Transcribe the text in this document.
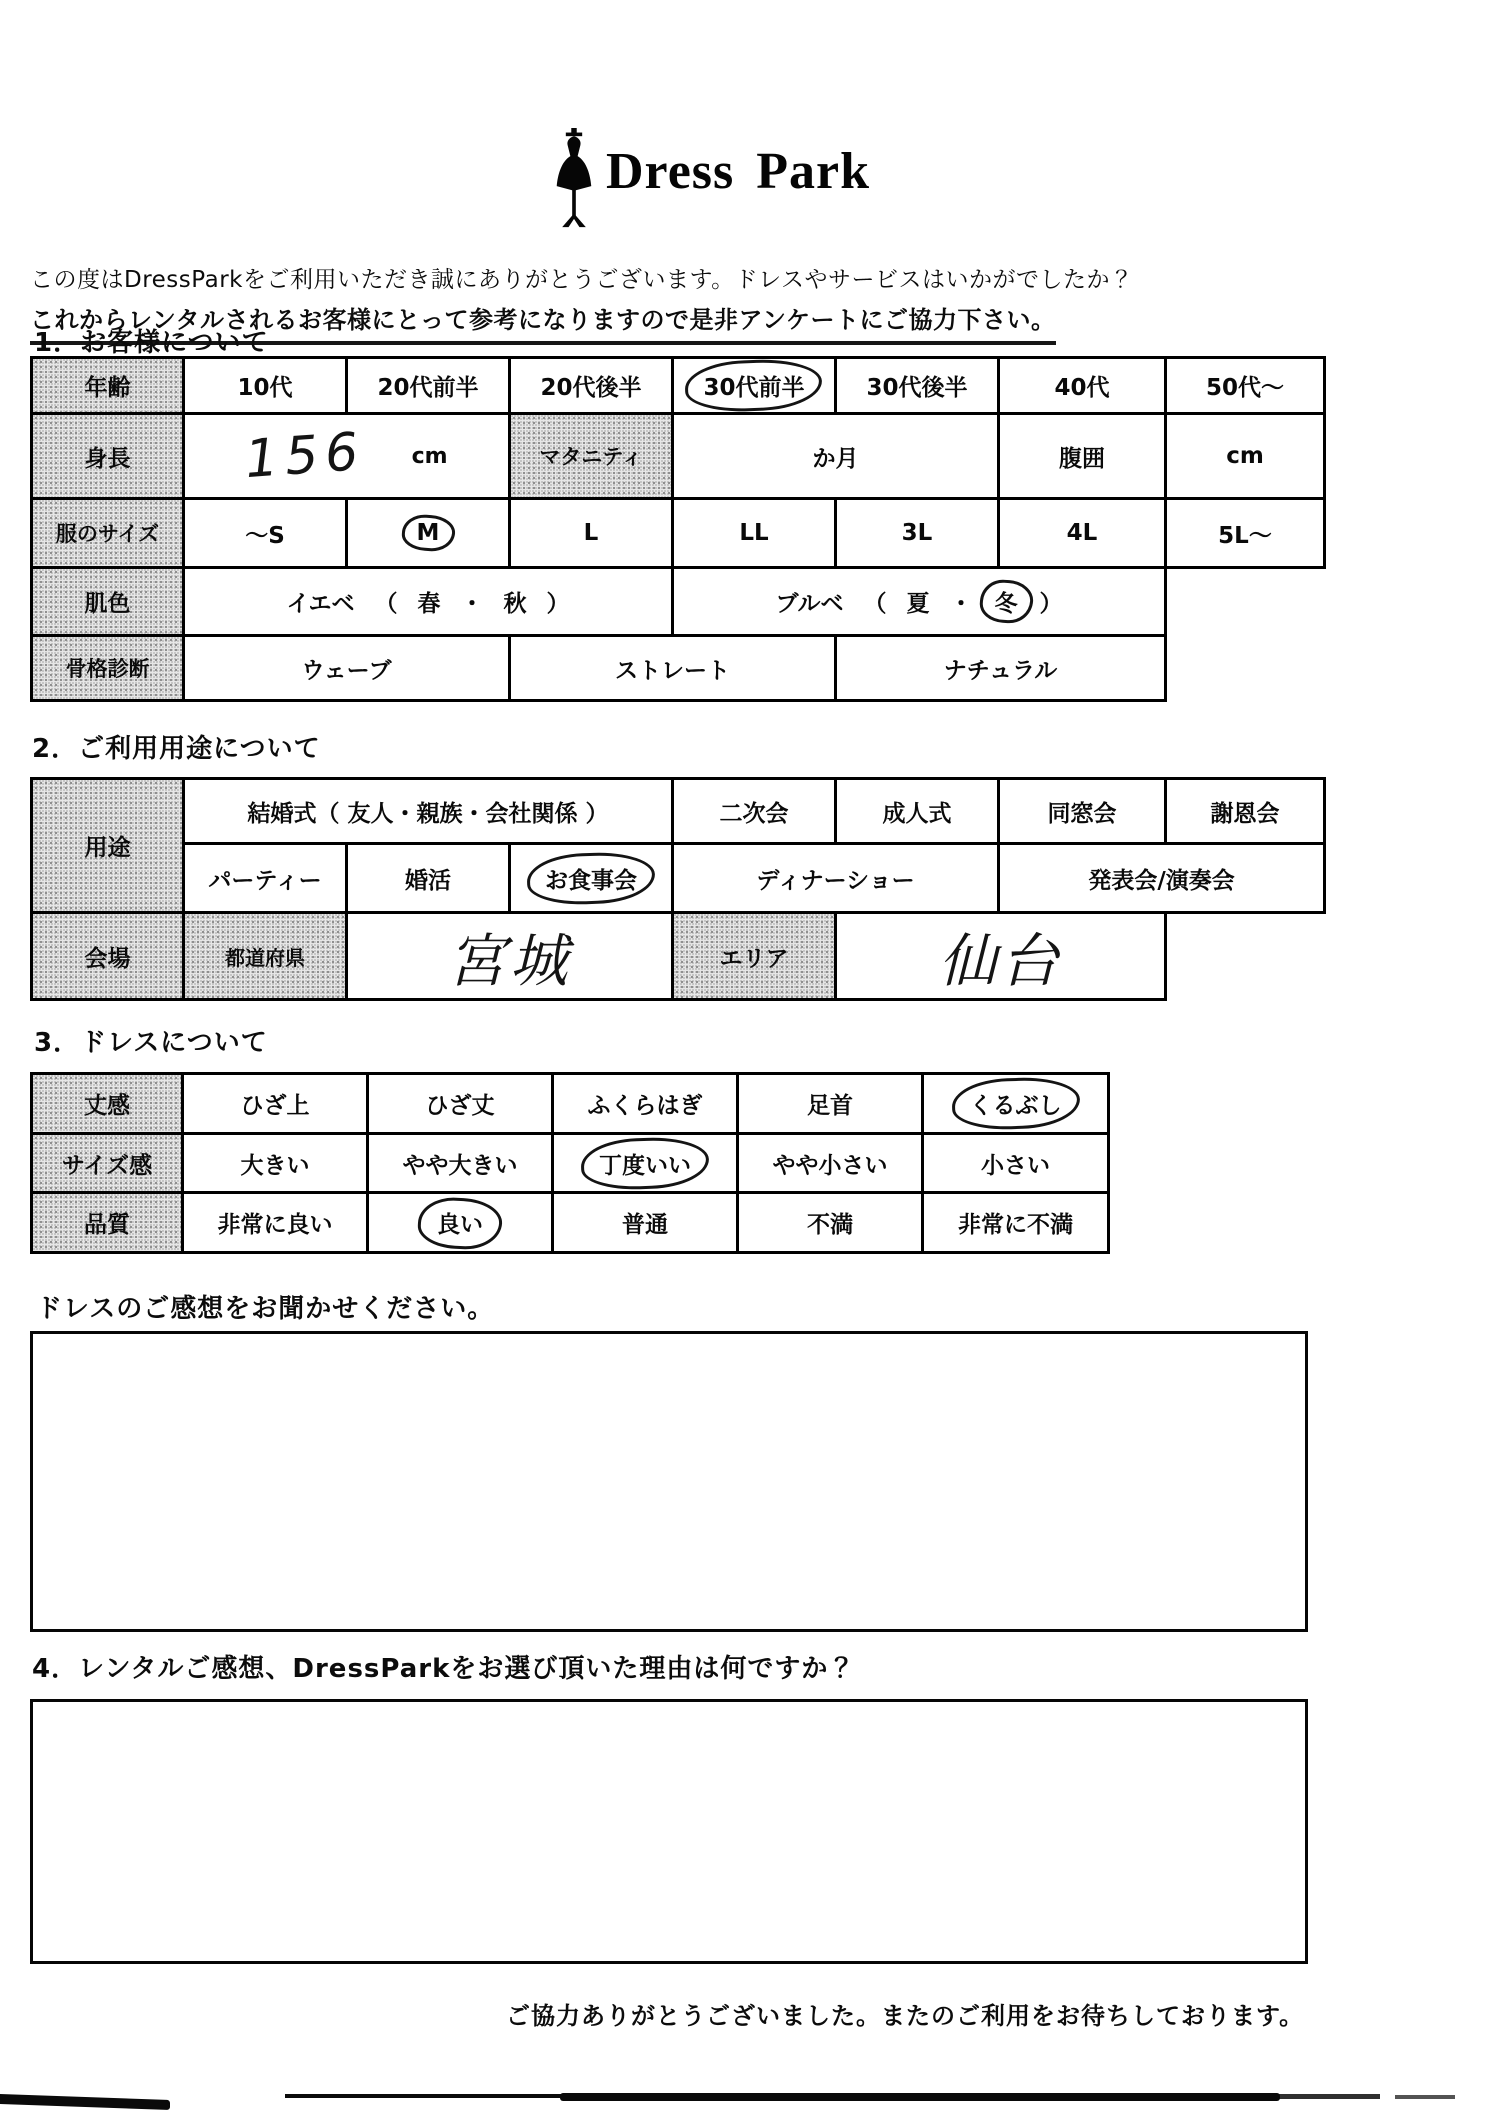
Dress Park

この度はDressParkをご利用いただき誠にありがとうございます。ドレスやサービスはいかがでしたか？

これからレンタルされるお客様にとって参考になりますので是非アンケートにご協力下さい。

1．お客様について
年齢	10代	20代前半	20代後半	30代前半	30代後半	40代	50代～
身長	156 cm		マタニティ	か月		腹囲	cm
服のサイズ	～S	M	L	LL	3L	4L	5L～
肌色	イエベ （ 春 ・ 秋 ）	ブルベ （ 夏 ・ 冬 ）

骨格診断	ウェーブ		ストレート		ナチュラル		
2．ご利用用途について
用途	結婚式（ 友人・親族・会社関係 ）			二次会	成人式	同窓会	謝恩会
	パーティー	婚活	お食事会	ディナーショー		発表会/演奏会	
会場	都道府県	宮城		エリア	仙台		
3．ドレスについて
丈感	ひざ上	ひざ丈	ふくらはぎ	足首	くるぶし
サイズ感	大きい	やや大きい	丁度いい	やや小さい	小さい
品質	非常に良い	良い	普通	不満	非常に不満
ドレスのご感想をお聞かせください。
4．レンタルご感想、DressParkをお選び頂いた理由は何ですか？

ご協力ありがとうございました。またのご利用をお待ちしております。
